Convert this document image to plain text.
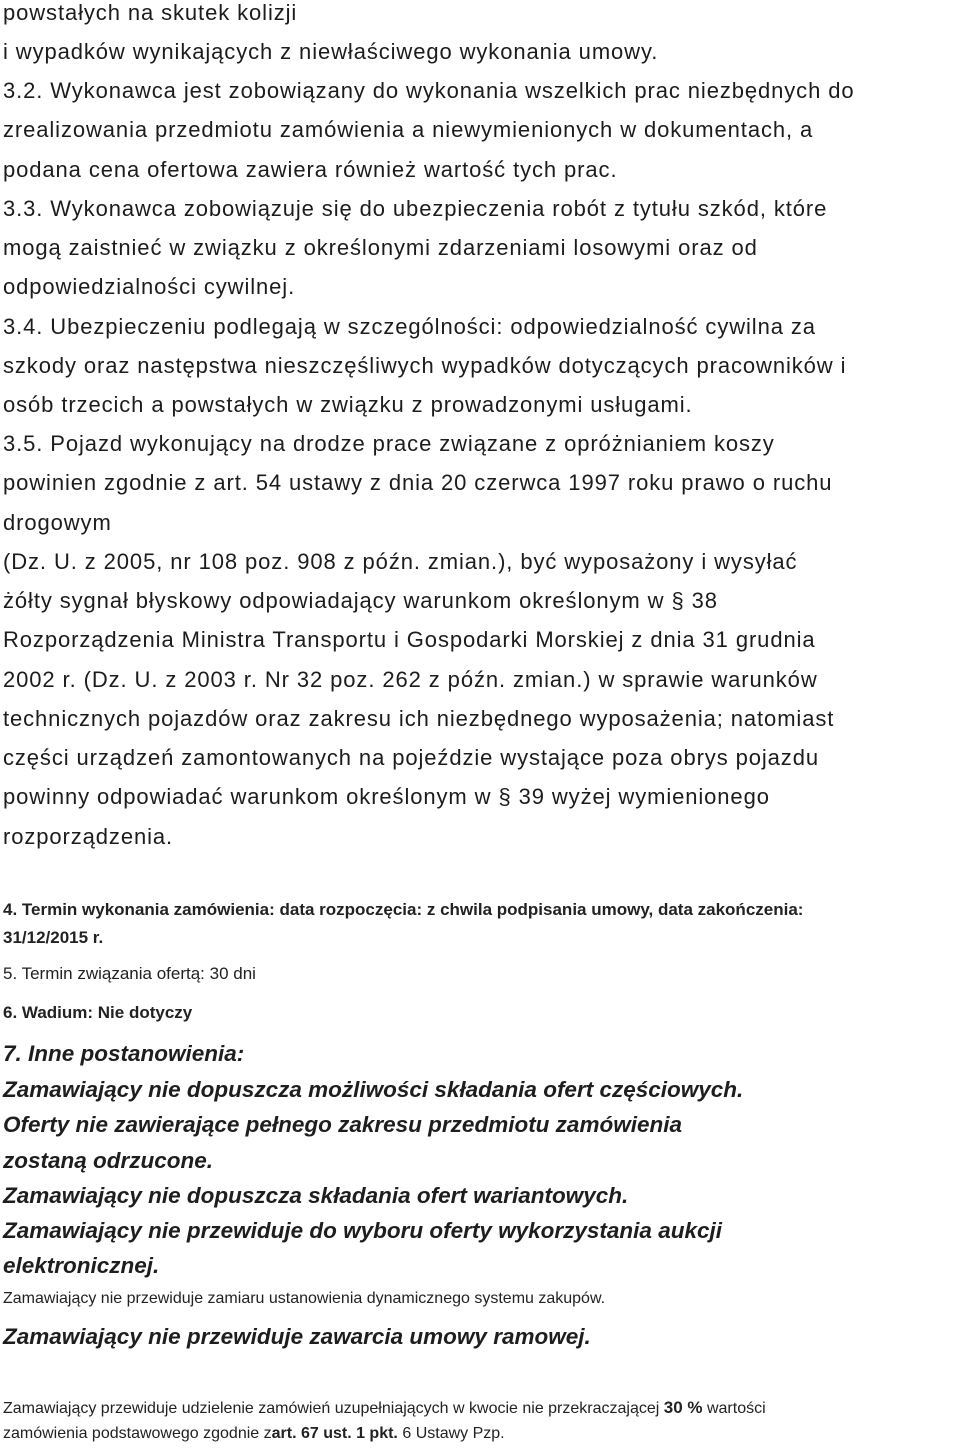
powstałych na skutek kolizji
i wypadków wynikających z niewłaściwego wykonania umowy.
3.2. Wykonawca jest zobowiązany do wykonania wszelkich prac niezbędnych do
zrealizowania przedmiotu zamówienia a niewymienionych w dokumentach, a
podana cena ofertowa zawiera również wartość tych prac.
3.3. Wykonawca zobowiązuje się do ubezpieczenia robót z tytułu szkód, które
mogą zaistnieć w związku z określonymi zdarzeniami losowymi oraz od
odpowiedzialności cywilnej.
3.4. Ubezpieczeniu podlegają w szczególności: odpowiedzialność cywilna za
szkody oraz następstwa nieszczęśliwych wypadków dotyczących pracowników i
osób trzecich a powstałych w związku z prowadzonymi usługami.
3.5. Pojazd wykonujący na drodze prace związane z opróżnianiem koszy
powinien zgodnie z art. 54 ustawy z dnia 20 czerwca 1997 roku prawo o ruchu
drogowym
(Dz. U. z 2005, nr 108 poz. 908 z późn. zmian.), być wyposażony i wysyłać
żółty sygnał błyskowy odpowiadający warunkom określonym w § 38
Rozporządzenia Ministra Transportu i Gospodarki Morskiej z dnia 31 grudnia
2002 r. (Dz. U. z 2003 r. Nr 32 poz. 262 z późn. zmian.) w sprawie warunków
technicznych pojazdów oraz zakresu ich niezbędnego wyposażenia; natomiast
części urządzeń zamontowanych na pojeździe wystające poza obrys pojazdu
powinny odpowiadać warunkom określonym w § 39 wyżej wymienionego
rozporządzenia.
4. Termin wykonania zamówienia: data rozpoczęcia: z chwila podpisania umowy, data zakończenia:
31/12/2015 r.
5. Termin związania ofertą: 30 dni
6. Wadium: Nie dotyczy
7. Inne postanowienia:
Zamawiający nie dopuszcza możliwości składania ofert częściowych.
Oferty nie zawierające pełnego zakresu przedmiotu zamówienia
zostaną odrzucone.
Zamawiający nie dopuszcza składania ofert wariantowych.
Zamawiający nie przewiduje do wyboru oferty wykorzystania aukcji
elektronicznej.
Zamawiający nie przewiduje zamiaru ustanowienia dynamicznego systemu zakupów.
Zamawiający nie przewiduje zawarcia umowy ramowej.
Zamawiający przewiduje udzielenie zamówień uzupełniających w kwocie nie przekraczającej 30 % wartości
zamówienia podstawowego zgodnie zart. 67 ust. 1 pkt. 6 Ustawy Pzp.
